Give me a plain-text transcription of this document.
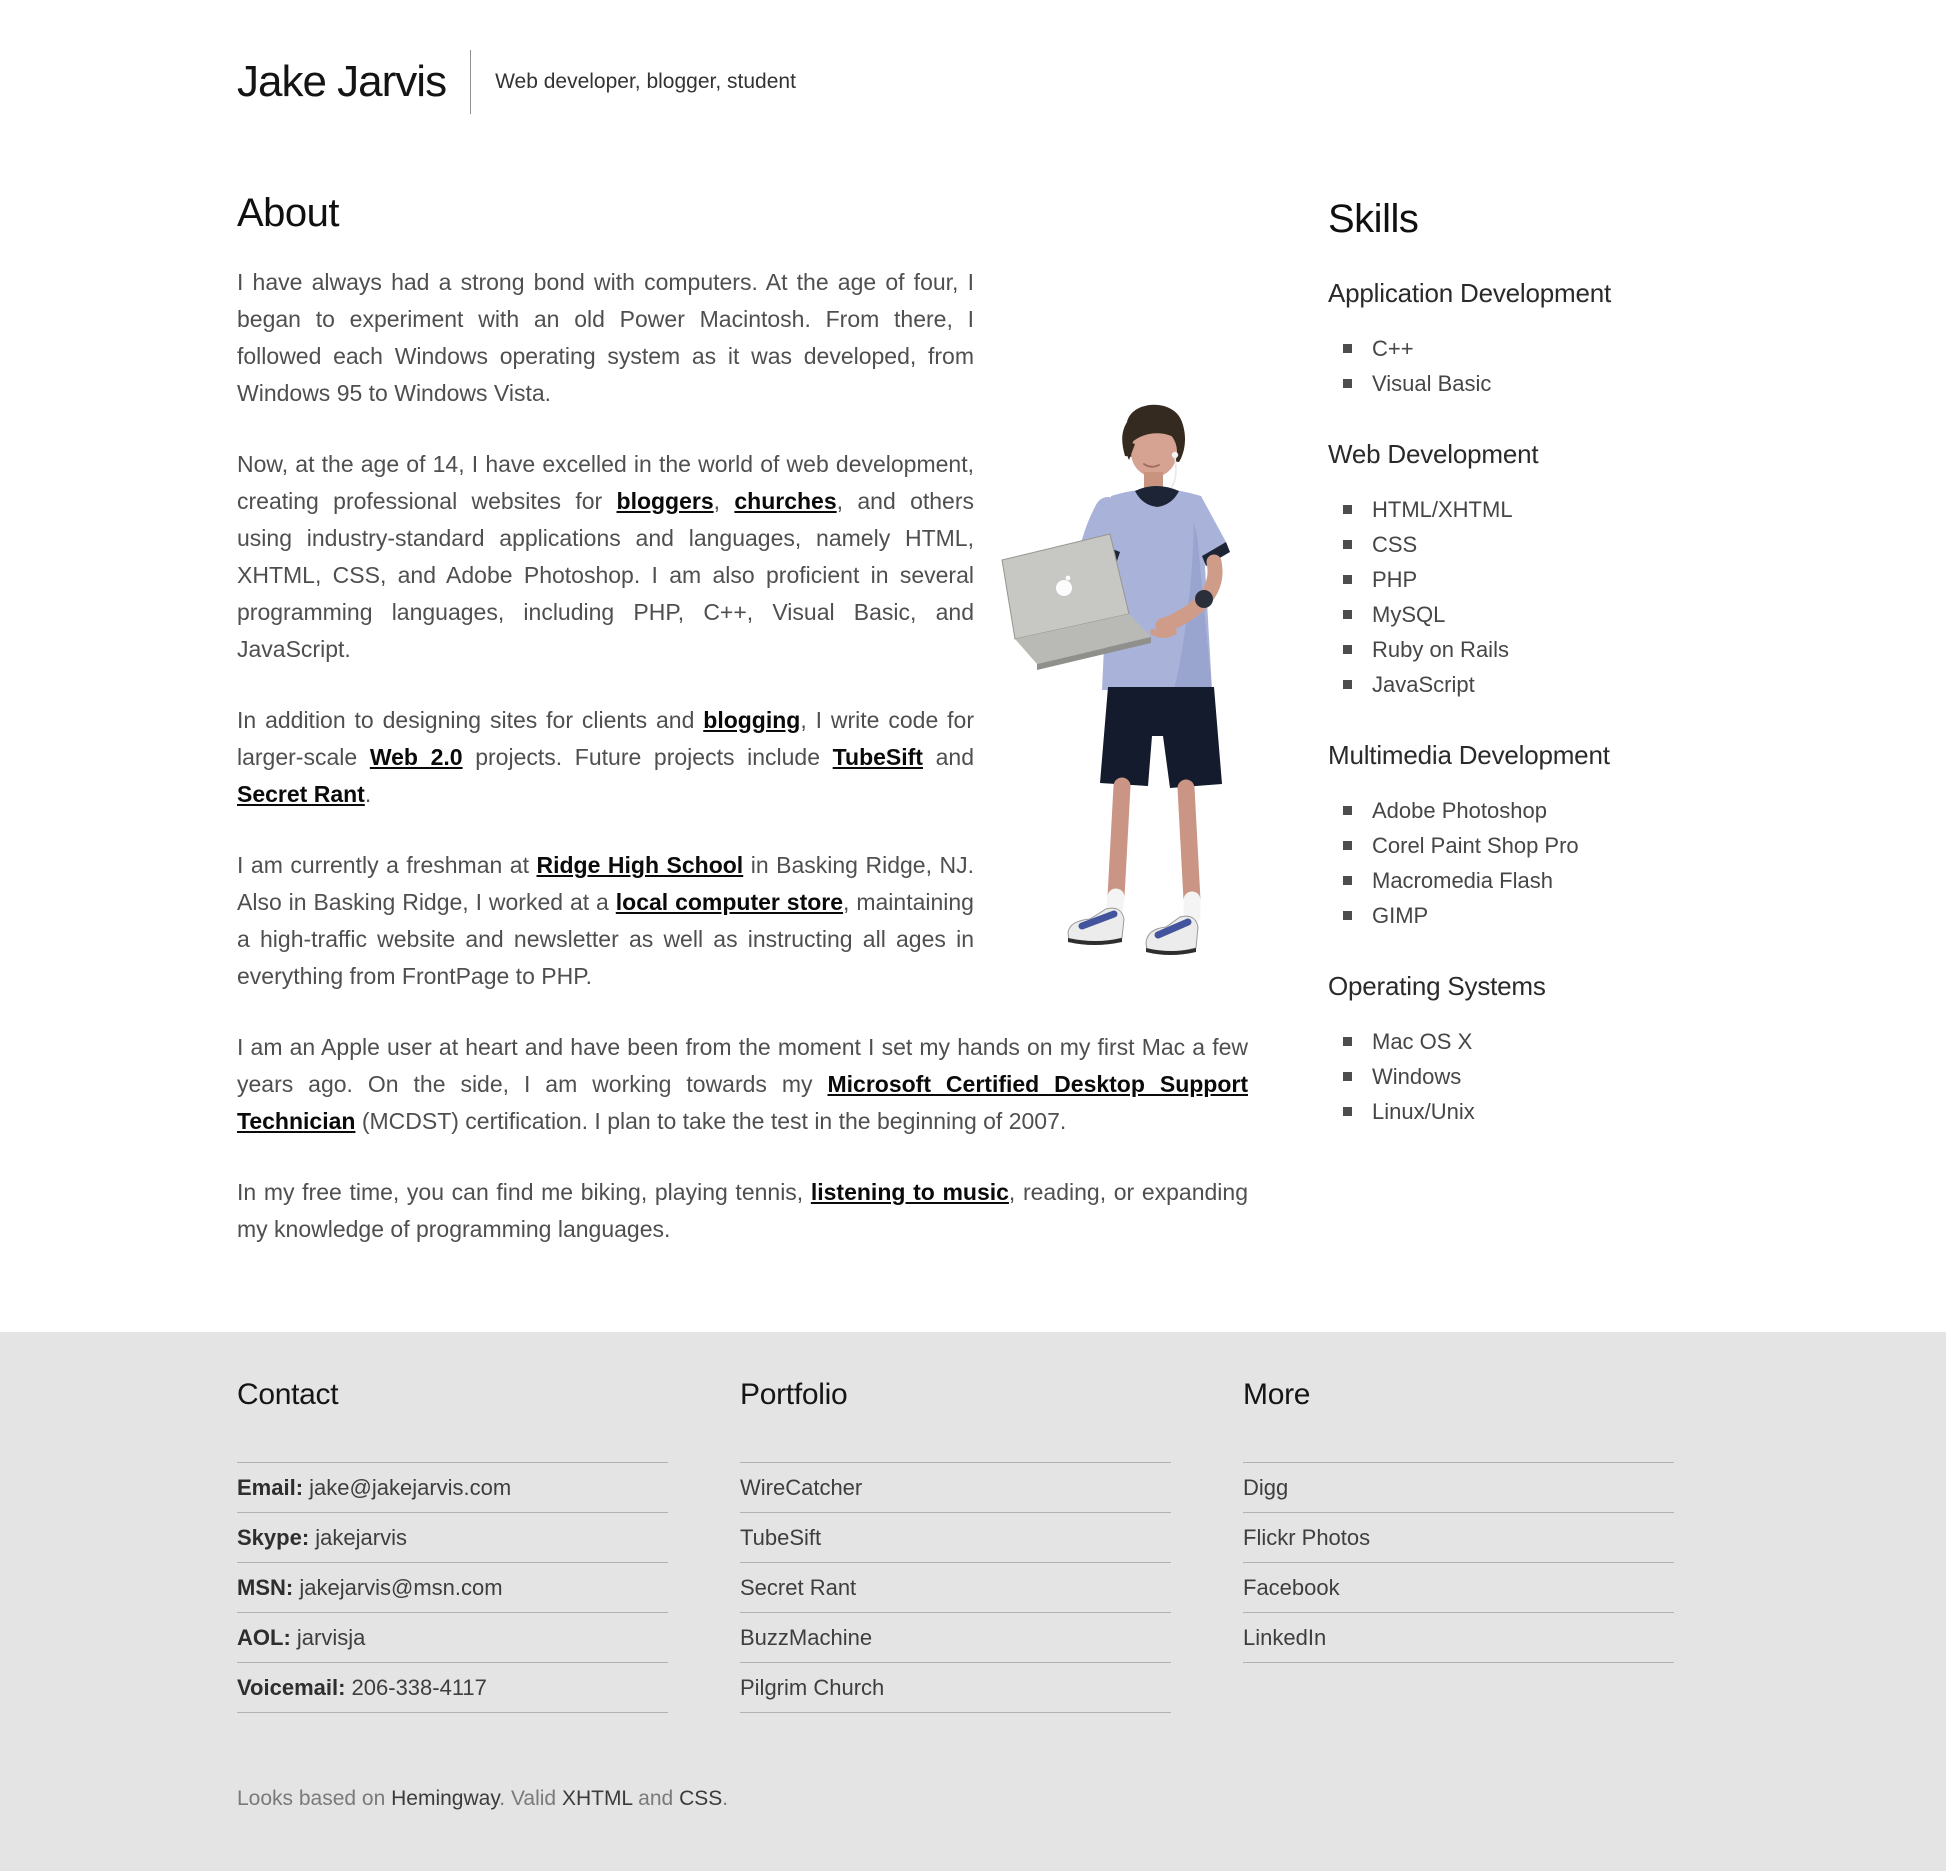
Jake Jarvis Web developer, blogger, student

About

I have always had a strong bond with computers. At the age of four, I began to experiment with an old Power Macintosh. From there, I followed each Windows operating system as it was developed, from Windows 95 to Windows Vista.

Now, at the age of 14, I have excelled in the world of web development, creating professional websites for bloggers, churches, and others using industry-standard applications and languages, namely HTML, XHTML, CSS, and Adobe Photoshop. I am also proficient in several programming languages, including PHP, C++, Visual Basic, and JavaScript.

In addition to designing sites for clients and blogging, I write code for larger-scale Web 2.0 projects. Future projects include TubeSift and Secret Rant.

I am currently a freshman at Ridge High School in Basking Ridge, NJ. Also in Basking Ridge, I worked at a local computer store, maintaining a high-traffic website and newsletter as well as instructing all ages in everything from FrontPage to PHP.

I am an Apple user at heart and have been from the moment I set my hands on my first Mac a few years ago. On the side, I am working towards my Microsoft Certified Desktop Support Technician (MCDST) certification. I plan to take the test in the beginning of 2007.

In my free time, you can find me biking, playing tennis, listening to music, reading, or expanding my knowledge of programming languages.

Skills
Application Development
C++
Visual Basic
Web Development
HTML/XHTML
CSS
PHP
MySQL
Ruby on Rails
JavaScript
Multimedia Development
Adobe Photoshop
Corel Paint Shop Pro
Macromedia Flash
GIMP
Operating Systems
Mac OS X
Windows
Linux/Unix
Contact
Email: jake@jakejarvis.com
Skype: jakejarvis
MSN: jakejarvis@msn.com
AOL: jarvisja
Voicemail: 206-338-4117
Portfolio
WireCatcher
TubeSift
Secret Rant
BuzzMachine
Pilgrim Church
More
Digg
Flickr Photos
Facebook
LinkedIn

Looks based on Hemingway. Valid XHTML and CSS.
